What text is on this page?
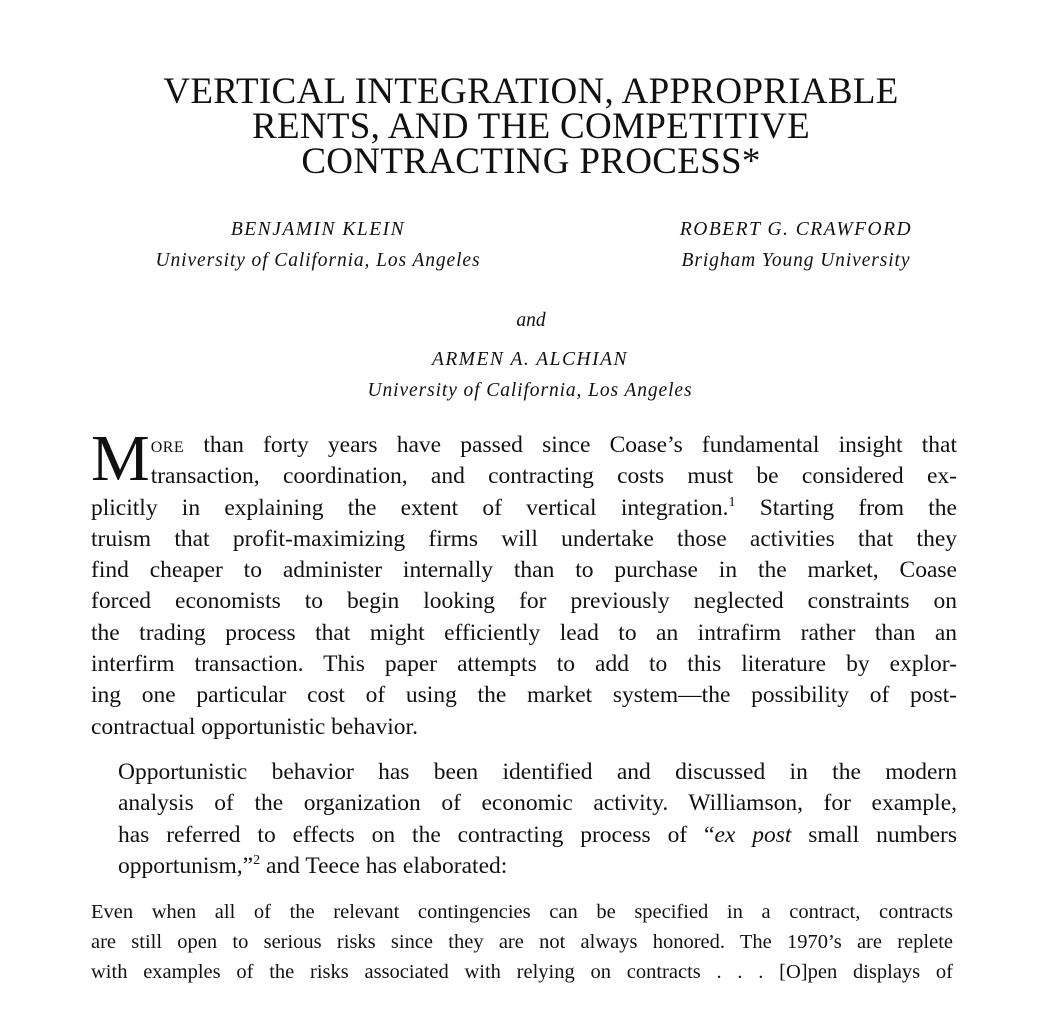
VERTICAL INTEGRATION, APPROPRIABLE
RENTS, AND THE COMPETITIVE
CONTRACTING PROCESS*
BENJAMIN KLEIN
University of California, Los Angeles
ROBERT G. CRAWFORD
Brigham Young University
and
ARMEN A. ALCHIAN
University of California, Los Angeles
M ore than forty years have passed since Coase’s fundamental insight that
transaction, coordination, and contracting costs must be considered ex-
plicitly in explaining the extent of vertical integration.$^1$ Starting from the
truism that profit-maximizing firms will undertake those activities that they
find cheaper to administer internally than to purchase in the market, Coase
forced economists to begin looking for previously neglected constraints on
the trading process that might efficiently lead to an intrafirm rather than an
interfirm transaction. This paper attempts to add to this literature by explor-
ing one particular cost of using the market system—the possibility of post-
contractual opportunistic behavior.
Opportunistic behavior has been identified and discussed in the modern
analysis of the organization of economic activity. Williamson, for example,
has referred to effects on the contracting process of “ex post small numbers
opportunism,”$^2$ and Teece has elaborated:
Even when all of the relevant contingencies can be specified in a contract, contracts
are still open to serious risks since they are not always honored. The 1970’s are replete
with examples of the risks associated with relying on contracts . . . [O]pen displays of
